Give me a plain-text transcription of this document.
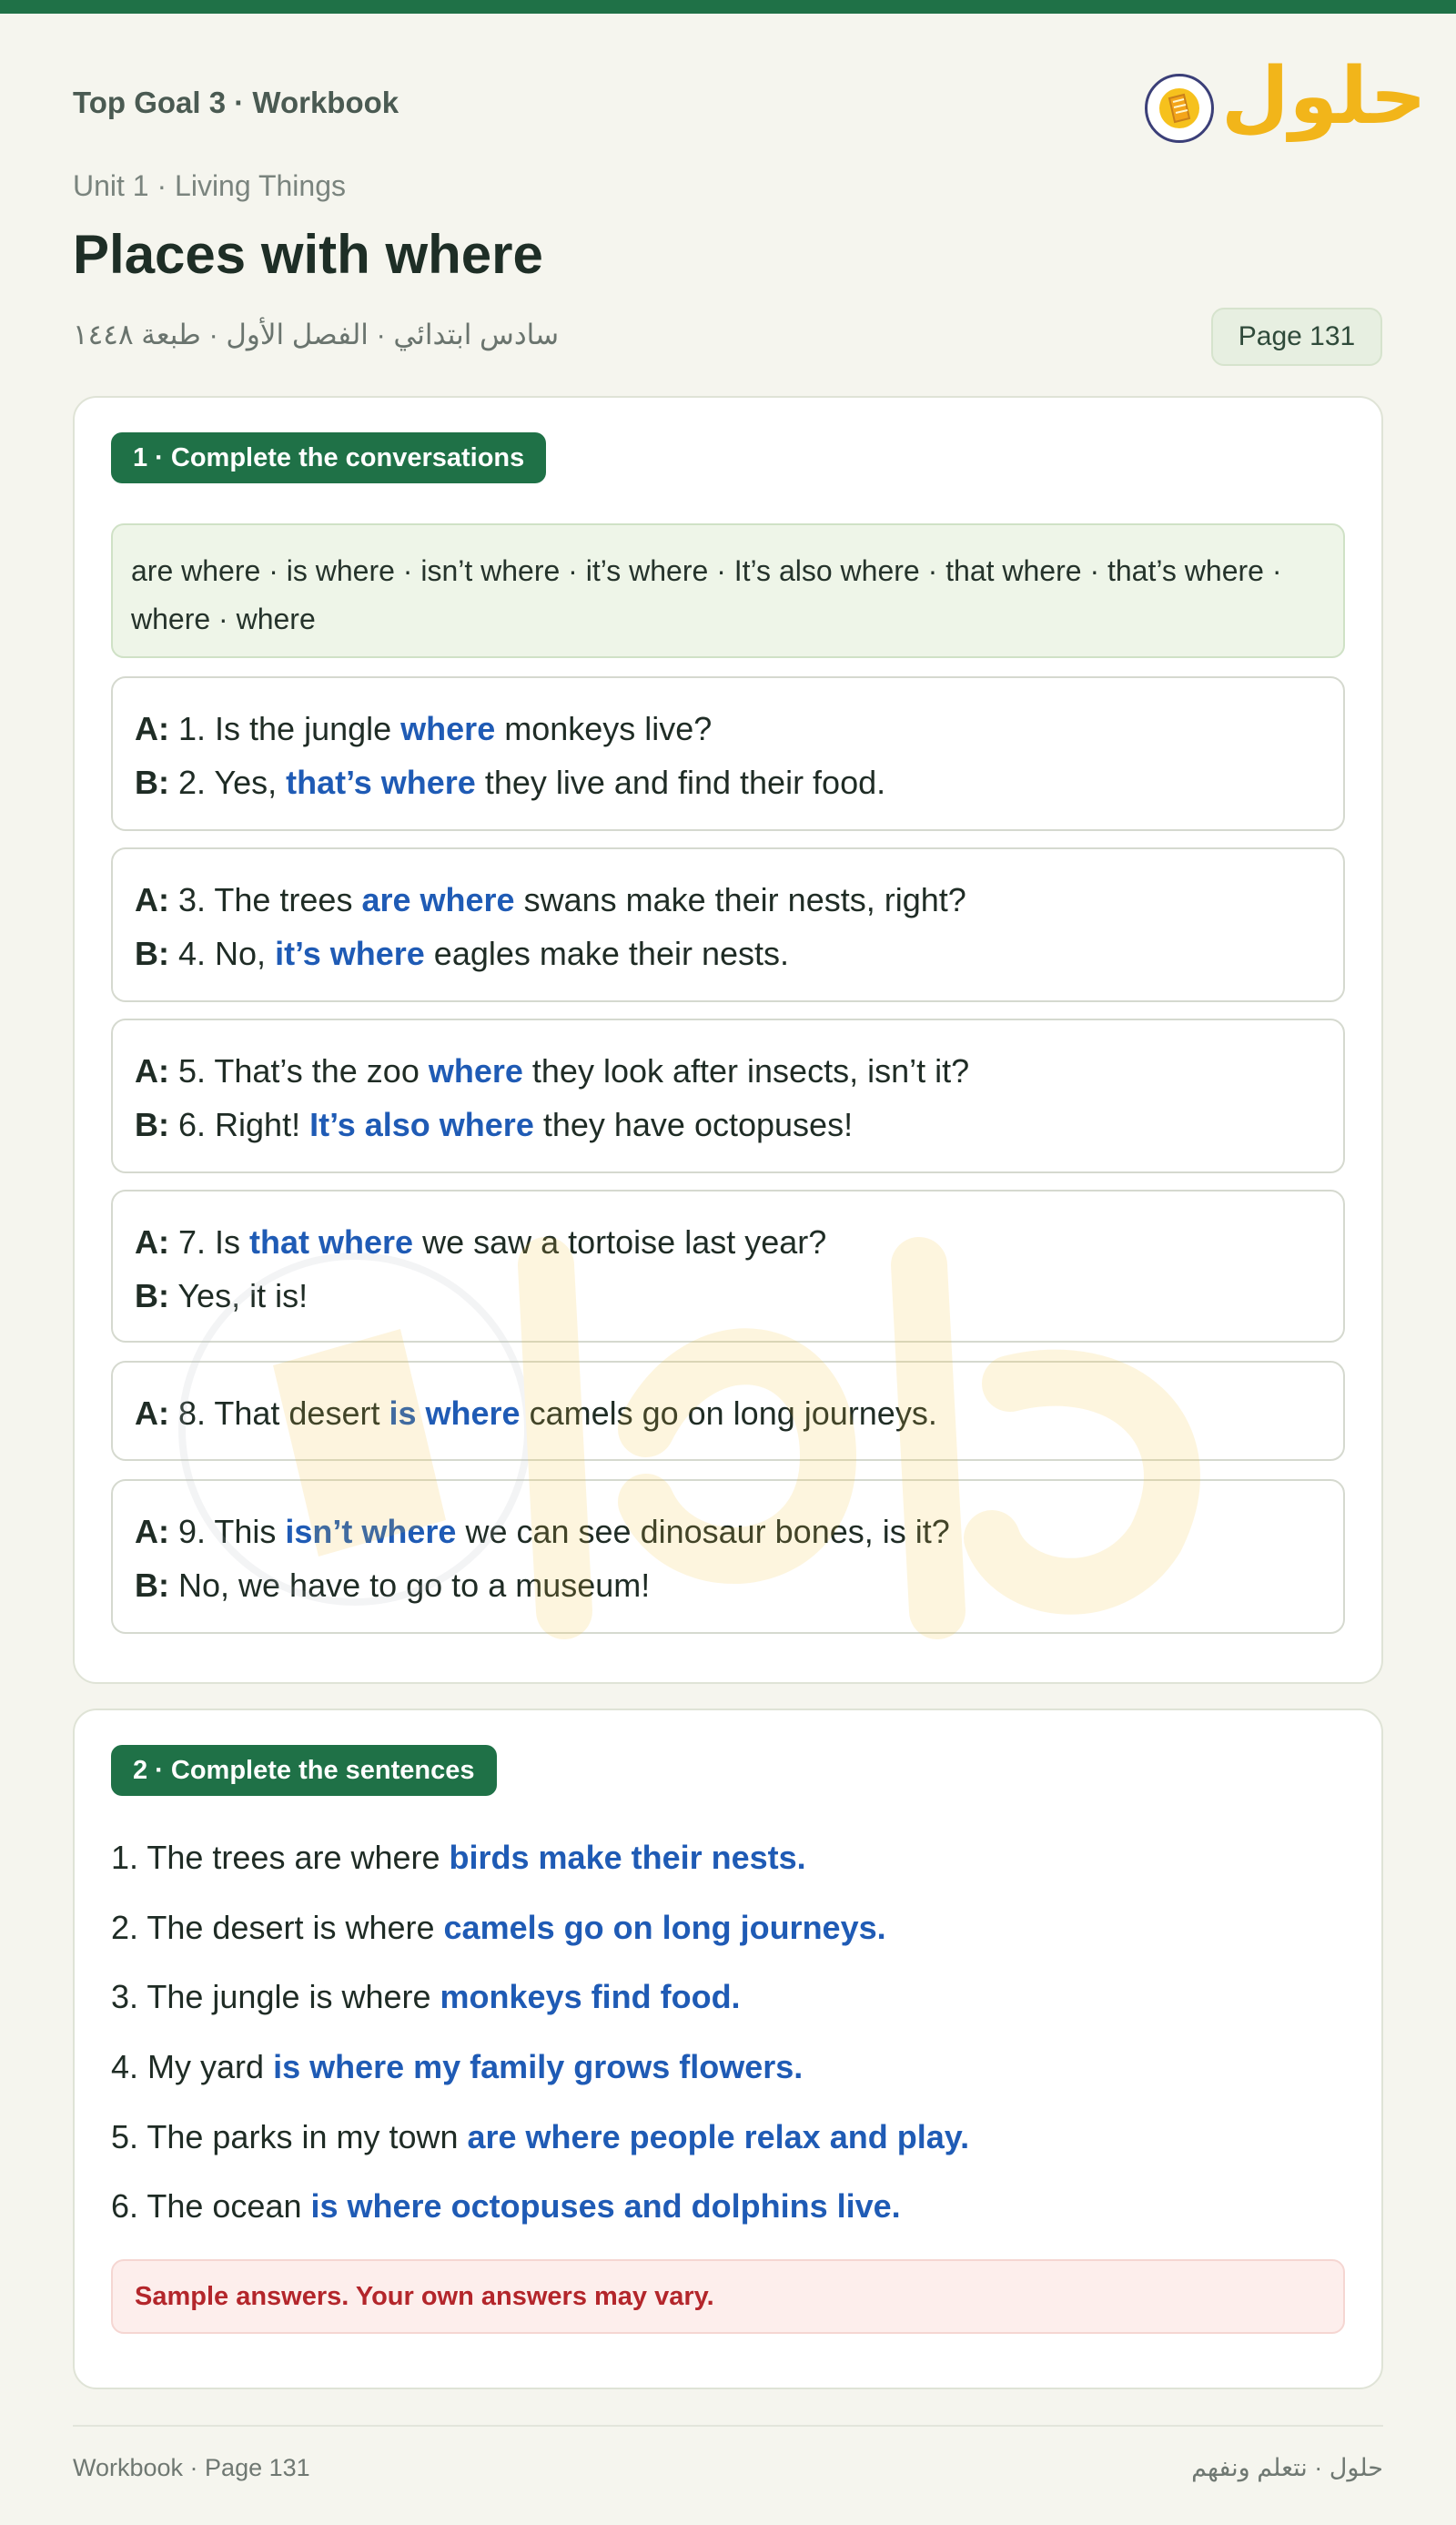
Top Goal 3 · Workbook	حلول
Unit 1 · Living Things
Places with where
سادس ابتدائي · الفصل الأول · طبعة ١٤٤٨	Page 131
1 · Complete the conversations
are where · is where · isn’t where · it’s where · It’s also where · that where · that’s where · where · where
A: 1. Is the jungle where monkeys live?
B: 2. Yes, that’s where they live and find their food.
A: 3. The trees are where swans make their nests, right?
B: 4. No, it’s where eagles make their nests.
A: 5. That’s the zoo where they look after insects, isn’t it?
B: 6. Right! It’s also where they have octopuses!
A: 7. Is that where we saw a tortoise last year?
B: Yes, it is!
A: 8. That desert is where camels go on long journeys.
A: 9. This isn’t where we can see dinosaur bones, is it?
B: No, we have to go to a museum!
2 · Complete the sentences
1. The trees are where birds make their nests.
2. The desert is where camels go on long journeys.
3. The jungle is where monkeys find food.
4. My yard is where my family grows flowers.
5. The parks in my town are where people relax and play.
6. The ocean is where octopuses and dolphins live.
Sample answers. Your own answers may vary.
Workbook · Page 131	حلول · نتعلم ونفهم
